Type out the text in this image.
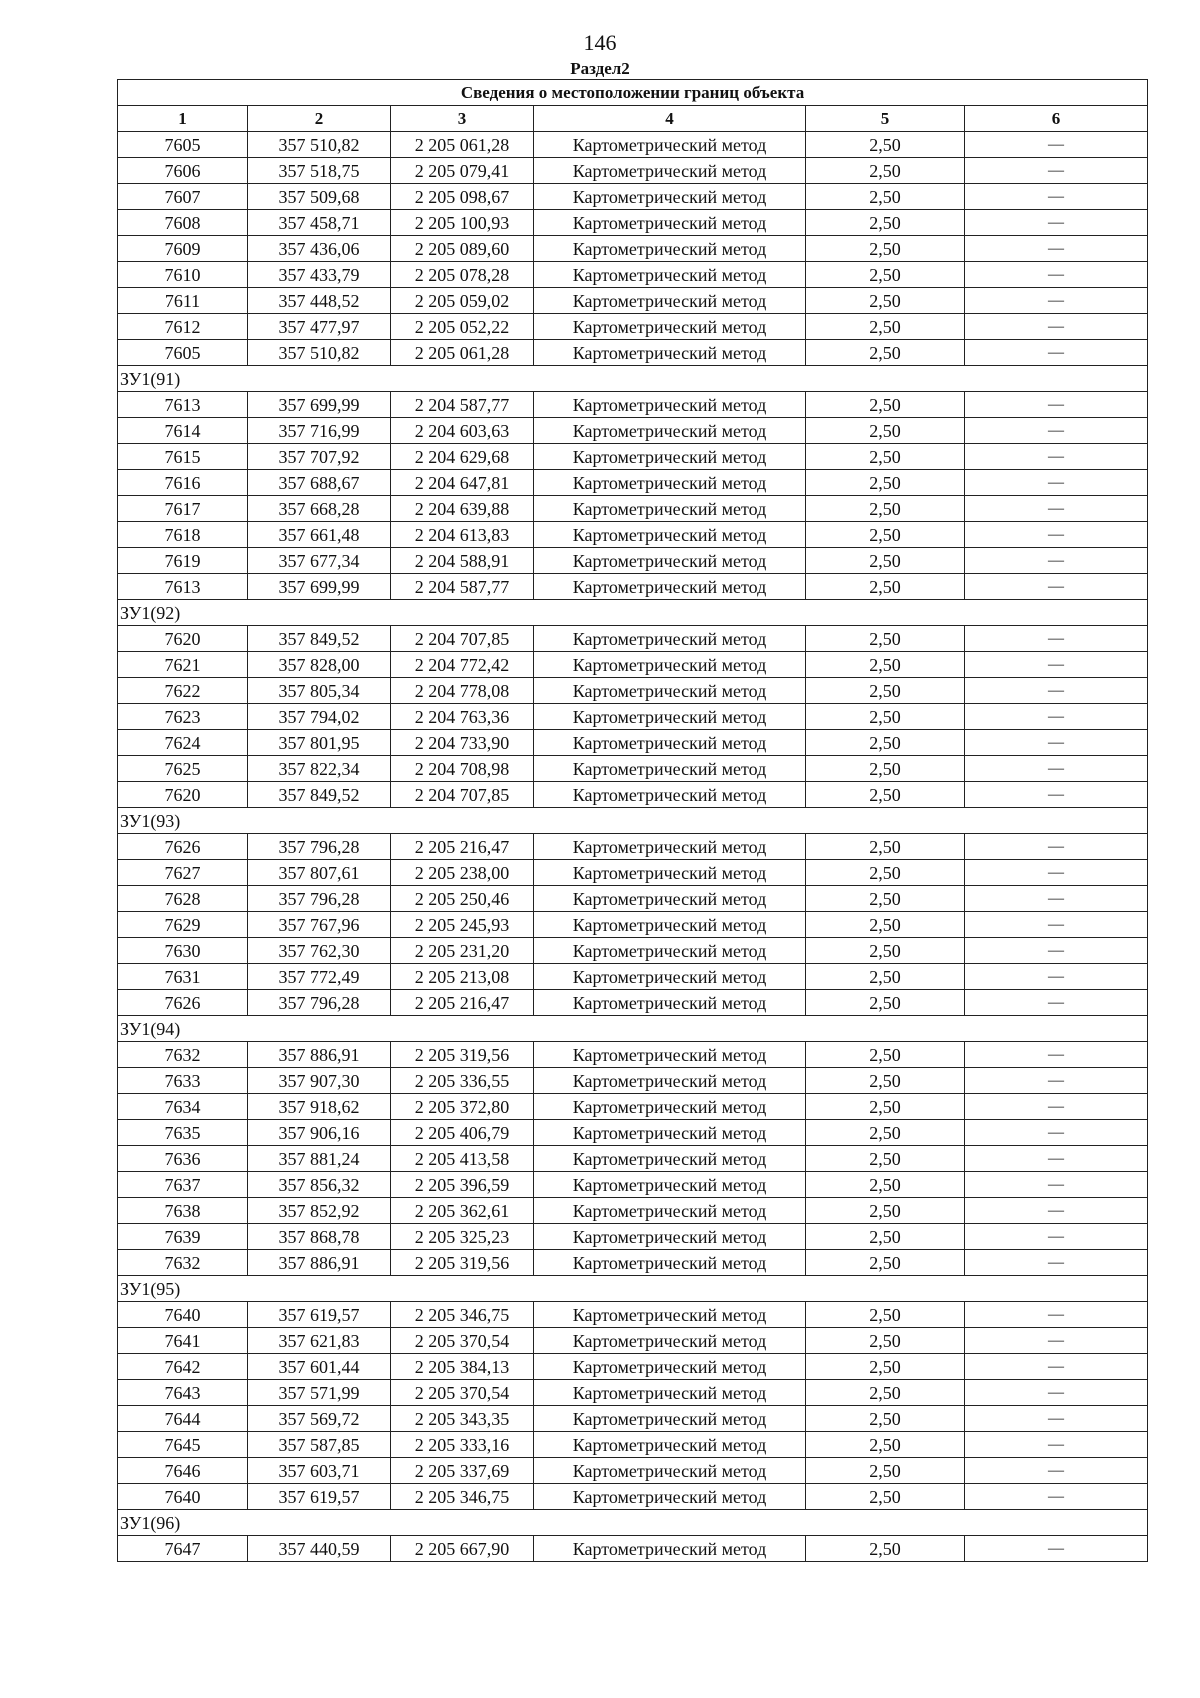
146
Раздел2
Сведения о местоположении границ объекта					
1	2	3	4	5	6
7605	357 510,82	2 205 061,28	Картометрический метод	2,50	—
7606	357 518,75	2 205 079,41	Картометрический метод	2,50	—
7607	357 509,68	2 205 098,67	Картометрический метод	2,50	—
7608	357 458,71	2 205 100,93	Картометрический метод	2,50	—
7609	357 436,06	2 205 089,60	Картометрический метод	2,50	—
7610	357 433,79	2 205 078,28	Картометрический метод	2,50	—
7611	357 448,52	2 205 059,02	Картометрический метод	2,50	—
7612	357 477,97	2 205 052,22	Картометрический метод	2,50	—
7605	357 510,82	2 205 061,28	Картометрический метод	2,50	—
ЗУ1(91)					
7613	357 699,99	2 204 587,77	Картометрический метод	2,50	—
7614	357 716,99	2 204 603,63	Картометрический метод	2,50	—
7615	357 707,92	2 204 629,68	Картометрический метод	2,50	—
7616	357 688,67	2 204 647,81	Картометрический метод	2,50	—
7617	357 668,28	2 204 639,88	Картометрический метод	2,50	—
7618	357 661,48	2 204 613,83	Картометрический метод	2,50	—
7619	357 677,34	2 204 588,91	Картометрический метод	2,50	—
7613	357 699,99	2 204 587,77	Картометрический метод	2,50	—
ЗУ1(92)					
7620	357 849,52	2 204 707,85	Картометрический метод	2,50	—
7621	357 828,00	2 204 772,42	Картометрический метод	2,50	—
7622	357 805,34	2 204 778,08	Картометрический метод	2,50	—
7623	357 794,02	2 204 763,36	Картометрический метод	2,50	—
7624	357 801,95	2 204 733,90	Картометрический метод	2,50	—
7625	357 822,34	2 204 708,98	Картометрический метод	2,50	—
7620	357 849,52	2 204 707,85	Картометрический метод	2,50	—
ЗУ1(93)					
7626	357 796,28	2 205 216,47	Картометрический метод	2,50	—
7627	357 807,61	2 205 238,00	Картометрический метод	2,50	—
7628	357 796,28	2 205 250,46	Картометрический метод	2,50	—
7629	357 767,96	2 205 245,93	Картометрический метод	2,50	—
7630	357 762,30	2 205 231,20	Картометрический метод	2,50	—
7631	357 772,49	2 205 213,08	Картометрический метод	2,50	—
7626	357 796,28	2 205 216,47	Картометрический метод	2,50	—
ЗУ1(94)					
7632	357 886,91	2 205 319,56	Картометрический метод	2,50	—
7633	357 907,30	2 205 336,55	Картометрический метод	2,50	—
7634	357 918,62	2 205 372,80	Картометрический метод	2,50	—
7635	357 906,16	2 205 406,79	Картометрический метод	2,50	—
7636	357 881,24	2 205 413,58	Картометрический метод	2,50	—
7637	357 856,32	2 205 396,59	Картометрический метод	2,50	—
7638	357 852,92	2 205 362,61	Картометрический метод	2,50	—
7639	357 868,78	2 205 325,23	Картометрический метод	2,50	—
7632	357 886,91	2 205 319,56	Картометрический метод	2,50	—
ЗУ1(95)					
7640	357 619,57	2 205 346,75	Картометрический метод	2,50	—
7641	357 621,83	2 205 370,54	Картометрический метод	2,50	—
7642	357 601,44	2 205 384,13	Картометрический метод	2,50	—
7643	357 571,99	2 205 370,54	Картометрический метод	2,50	—
7644	357 569,72	2 205 343,35	Картометрический метод	2,50	—
7645	357 587,85	2 205 333,16	Картометрический метод	2,50	—
7646	357 603,71	2 205 337,69	Картометрический метод	2,50	—
7640	357 619,57	2 205 346,75	Картометрический метод	2,50	—
ЗУ1(96)					
7647	357 440,59	2 205 667,90	Картометрический метод	2,50	—
